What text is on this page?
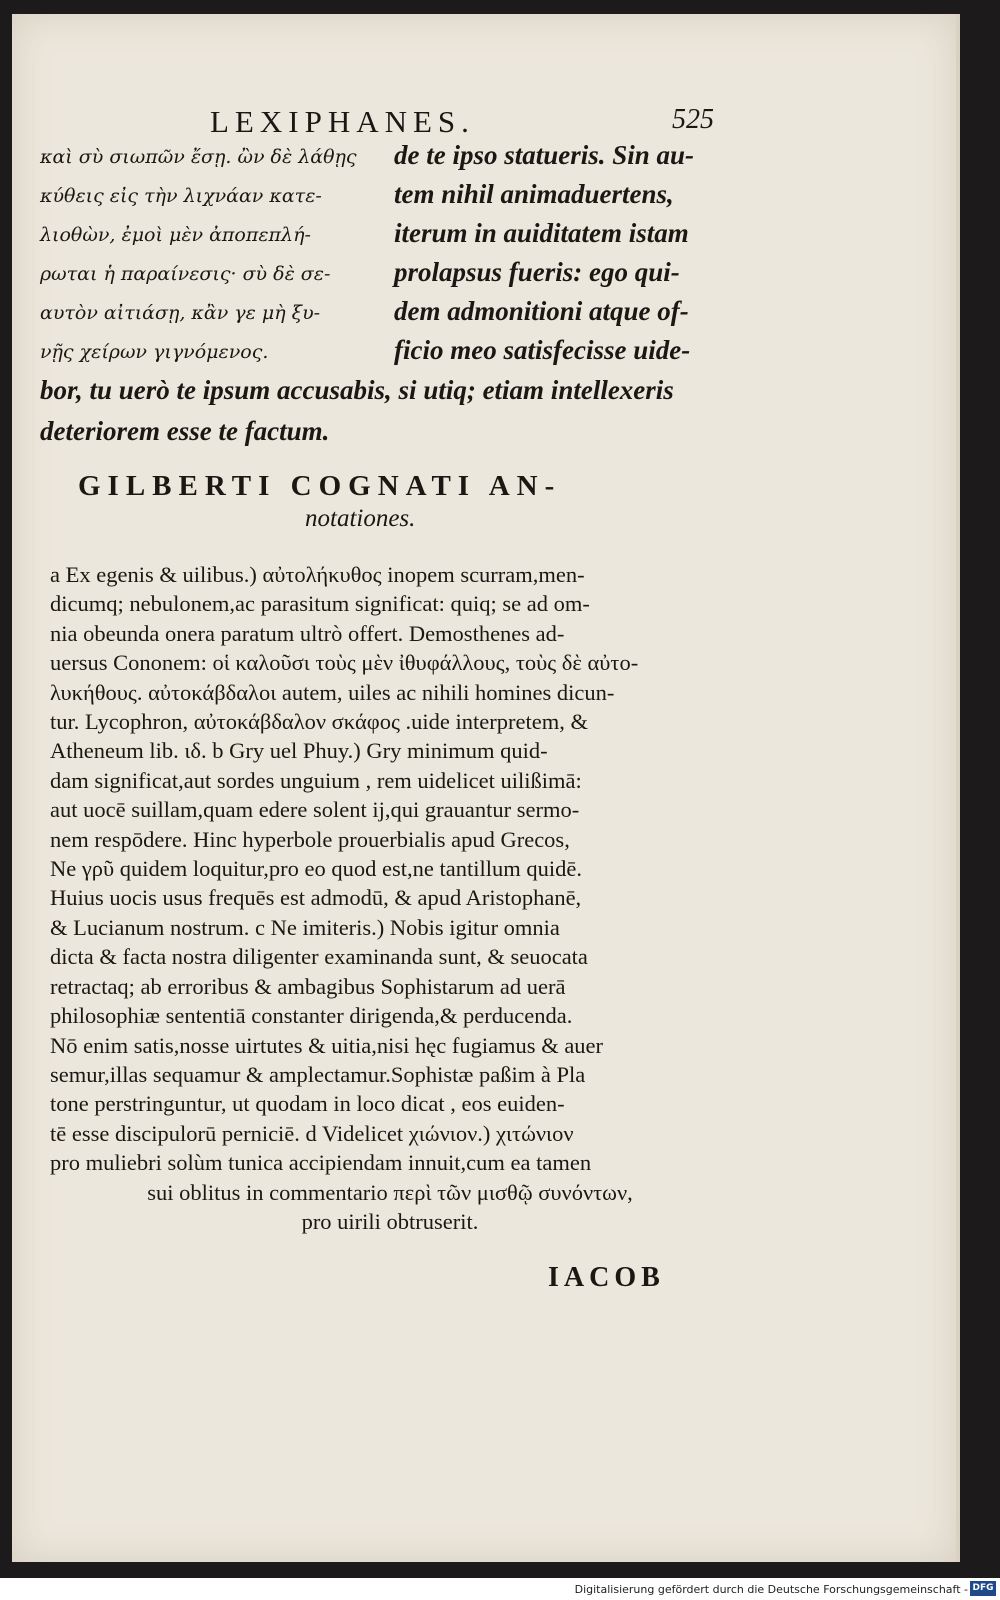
LEXIPHANES.	525
καὶ σὺ σιωπῶν ἔσῃ. ὢν δὲ λάθῃς
κύθεις εἰς τὴν λιχνάαν κατε-
λιοθὼν, ἐμοὶ μὲν ἀποπεπλή-
ρωται ἡ παραίνεσις· σὺ δὲ σε-
αυτὸν αἰτιάσῃ, κἂν γε μὴ ξυ-
νῇς χείρων γιγνόμενος.
de te ipso statueris. Sin au-
tem nihil animaduertens,
iterum in auiditatem istam
prolapsus fueris: ego qui-
dem admonitioni atque of-
ficio meo satisfecisse uide-
bor, tu uerò te ipsum accusabis, si utiq; etiam intellexeris
deteriorem esse te factum.
GILBERTI COGNATI AN-
notationes.
a Ex egenis & uilibus.) αὐτολήκυθος inopem scurram,men-
dicumq; nebulonem,ac parasitum significat: quiq; se ad om-
nia obeunda onera paratum ultrò offert. Demosthenes ad-
uersus Cononem: οἱ καλοῦσι τοὺς μὲν ἰθυφάλλους, τοὺς δὲ αὐτο-
λυκήθους. αὐτοκάβδαλοι autem, uiles ac nihili homines dicun-
tur. Lycophron, αὐτοκάβδαλον σκάφος .uide interpretem, &
Atheneum lib. ιδ. b Gry uel Phuy.) Gry minimum quid-
dam significat,aut sordes unguium , rem uidelicet uilißimā:
aut uocē suillam,quam edere solent ij,qui grauantur sermo-
nem respōdere. Hinc hyperbole prouerbialis apud Grecos,
Ne γρῦ quidem loquitur,pro eo quod est,ne tantillum quidē.
Huius uocis usus frequēs est admodū, & apud Aristophanē,
& Lucianum nostrum. c Ne imiteris.) Nobis igitur omnia
dicta & facta nostra diligenter examinanda sunt, & seuocata
retractaq; ab erroribus & ambagibus Sophistarum ad uerā
philosophiæ sententiā constanter dirigenda,& perducenda.
Nō enim satis,nosse uirtutes & uitia,nisi hęc fugiamus & auer
semur,illas sequamur & amplectamur.Sophistæ paßim à Pla
tone perstringuntur, ut quodam in loco dicat , eos euiden-
tē esse discipulorū perniciē. d Videlicet χιώνιον.) χιτώνιον
pro muliebri solùm tunica accipiendam innuit,cum ea tamen
sui oblitus in commentario περὶ τῶν μισθῷ συνόντων,
pro uirili obtruserit.
IACOB
Digitalisierung gefördert durch die Deutsche Forschungsgemeinschaft - DFG
